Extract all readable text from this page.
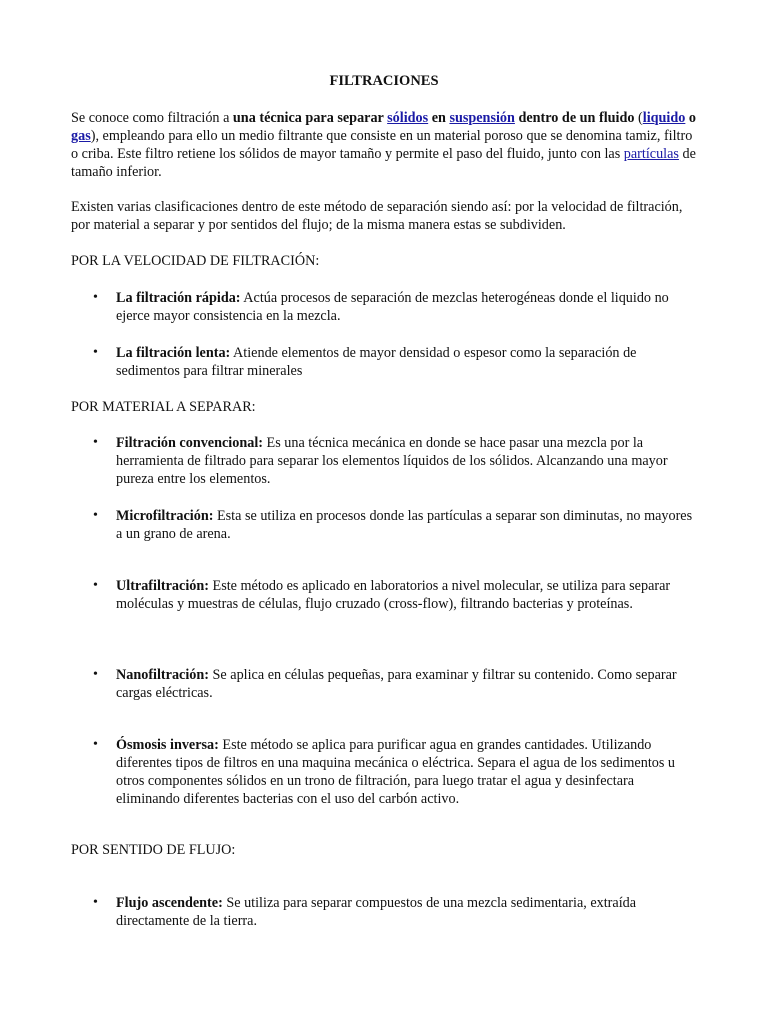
FILTRACIONES

Se conoce como filtración a una técnica para separar sólidos en suspensión dentro de un fluido (liquido o gas), empleando para ello un medio filtrante que consiste en un material poroso que se denomina tamiz, filtro o criba. Este filtro retiene los sólidos de mayor tamaño y permite el paso del fluido, junto con las partículas de tamaño inferior.

Existen varias clasificaciones dentro de este método de separación siendo así: por la velocidad de filtración, por material a separar y por sentidos del flujo; de la misma manera estas se subdividen.

POR LA VELOCIDAD DE FILTRACIÓN:

• La filtración rápida: Actúa procesos de separación de mezclas heterogéneas donde el liquido no ejerce mayor consistencia en la mezcla.
• La filtración lenta: Atiende elementos de mayor densidad o espesor como la separación de sedimentos para filtrar minerales

POR MATERIAL A SEPARAR:

• Filtración convencional: Es una técnica mecánica en donde se hace pasar una mezcla por la herramienta de filtrado para separar los elementos líquidos de los sólidos. Alcanzando una mayor pureza entre los elementos.
• Microfiltración: Esta se utiliza en procesos donde las partículas a separar son diminutas, no mayores a un grano de arena.
• Ultrafiltración: Este método es aplicado en laboratorios a nivel molecular, se utiliza para separar moléculas y muestras de células, flujo cruzado (cross-flow), filtrando bacterias y proteínas.
• Nanofiltración: Se aplica en células pequeñas, para examinar y filtrar su contenido. Como separar cargas eléctricas.
• Ósmosis inversa: Este método se aplica para purificar agua en grandes cantidades. Utilizando diferentes tipos de filtros en una maquina mecánica o eléctrica. Separa el agua de los sedimentos u otros componentes sólidos en un trono de filtración, para luego tratar el agua y desinfectara eliminando diferentes bacterias con el uso del carbón activo.

POR SENTIDO DE FLUJO:

• Flujo ascendente: Se utiliza para separar compuestos de una mezcla sedimentaria, extraída directamente de la tierra.
